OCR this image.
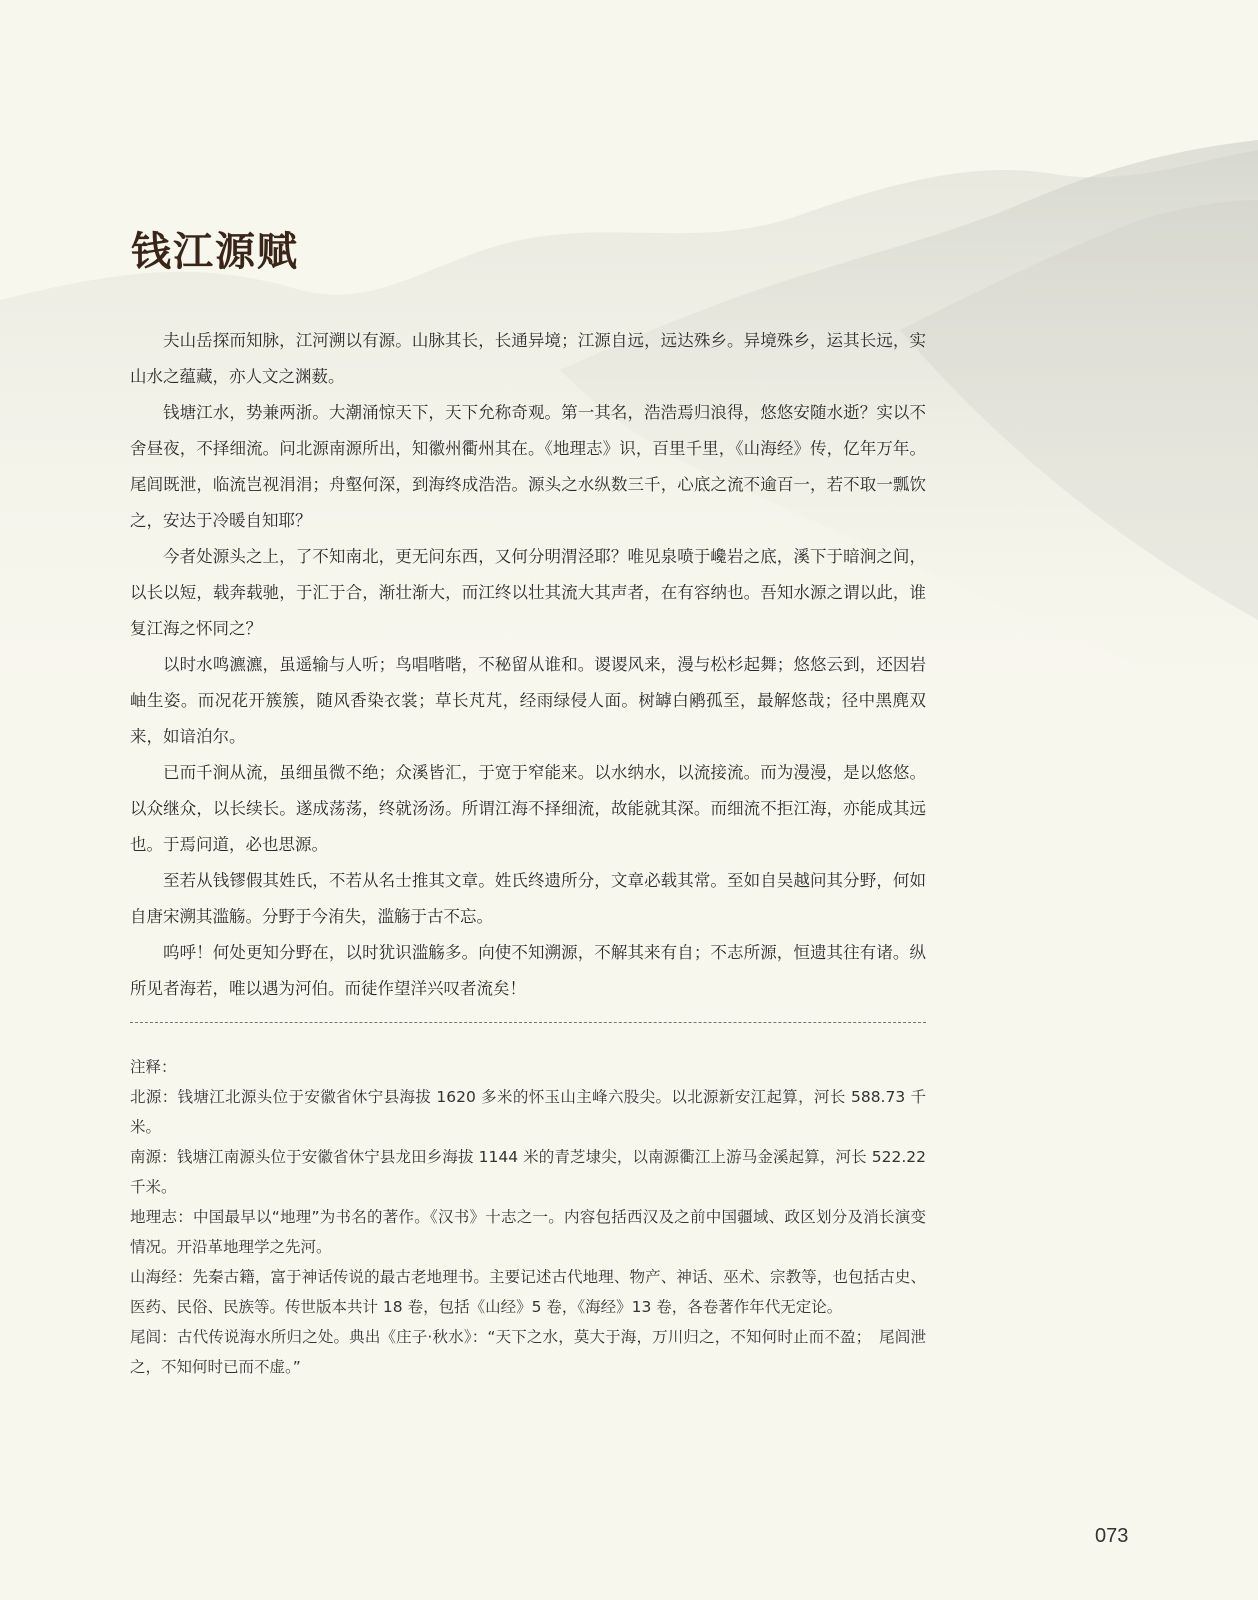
钱江源赋

夫山岳探而知脉，江河溯以有源。山脉其长，长通异境；江源自远，远达殊乡。异境殊乡，运其长远，实山水之蕴藏，亦人文之渊薮。

钱塘江水，势兼两浙。大潮涌惊天下，天下允称奇观。第一其名，浩浩焉归浪得，悠悠安随水逝？实以不舍昼夜，不择细流。问北源南源所出，知徽州衢州其在。《地理志》识，百里千里，《山海经》传，亿年万年。尾闾既泄，临流岂视涓涓；舟壑何深，到海终成浩浩。源头之水纵数三千，心底之流不逾百一，若不取一瓢饮之，安达于冷暖自知耶？

今者处源头之上，了不知南北，更无问东西，又何分明渭泾耶？唯见泉喷于巉岩之底，溪下于暗涧之间，以长以短，载奔载驰，于汇于合，渐壮渐大，而江终以壮其流大其声者，在有容纳也。吾知水源之谓以此，谁复江海之怀同之？

以时水鸣瀌瀌，虽遥输与人听；鸟唱喈喈，不秘留从谁和。谡谡风来，漫与松杉起舞；悠悠云到，还因岩岫生姿。而况花开簇簇，随风香染衣裳；草长芃芃，经雨绿侵人面。树罅白鹇孤至，最解悠哉；径中黑麂双来，如谙泊尔。

已而千涧从流，虽细虽微不绝；众溪皆汇，于宽于窄能来。以水纳水，以流接流。而为漫漫，是以悠悠。以众继众，以长续长。遂成荡荡，终就汤汤。所谓江海不择细流，故能就其深。而细流不拒江海，亦能成其远也。于焉问道，必也思源。

至若从钱镠假其姓氏，不若从名士推其文章。姓氏终遗所分，文章必载其常。至如自吴越问其分野，何如自唐宋溯其滥觞。分野于今洧失，滥觞于古不忘。

呜呼！何处更知分野在，以时犹识滥觞多。向使不知溯源，不解其来有自；不志所源，恒遗其往有诸。纵所见者海若，唯以遇为河伯。而徒作望洋兴叹者流矣！

注释：

北源：钱塘江北源头位于安徽省休宁县海拔 1620 多米的怀玉山主峰六股尖。以北源新安江起算，河长 588.73 千米。

南源：钱塘江南源头位于安徽省休宁县龙田乡海拔 1144 米的青芝埭尖，以南源衢江上游马金溪起算，河长 522.22 千米。

地理志：中国最早以“地理”为书名的著作。《汉书》十志之一。内容包括西汉及之前中国疆域、政区划分及消长演变情况。开沿革地理学之先河。

山海经：先秦古籍，富于神话传说的最古老地理书。主要记述古代地理、物产、神话、巫术、宗教等，也包括古史、医药、民俗、民族等。传世版本共计 18 卷，包括《山经》5 卷，《海经》13 卷，各卷著作年代无定论。

尾闾：古代传说海水所归之处。典出《庄子·秋水》：“天下之水，莫大于海，万川归之，不知何时止而不盈；　尾闾泄之，不知何时已而不虚。”

073
